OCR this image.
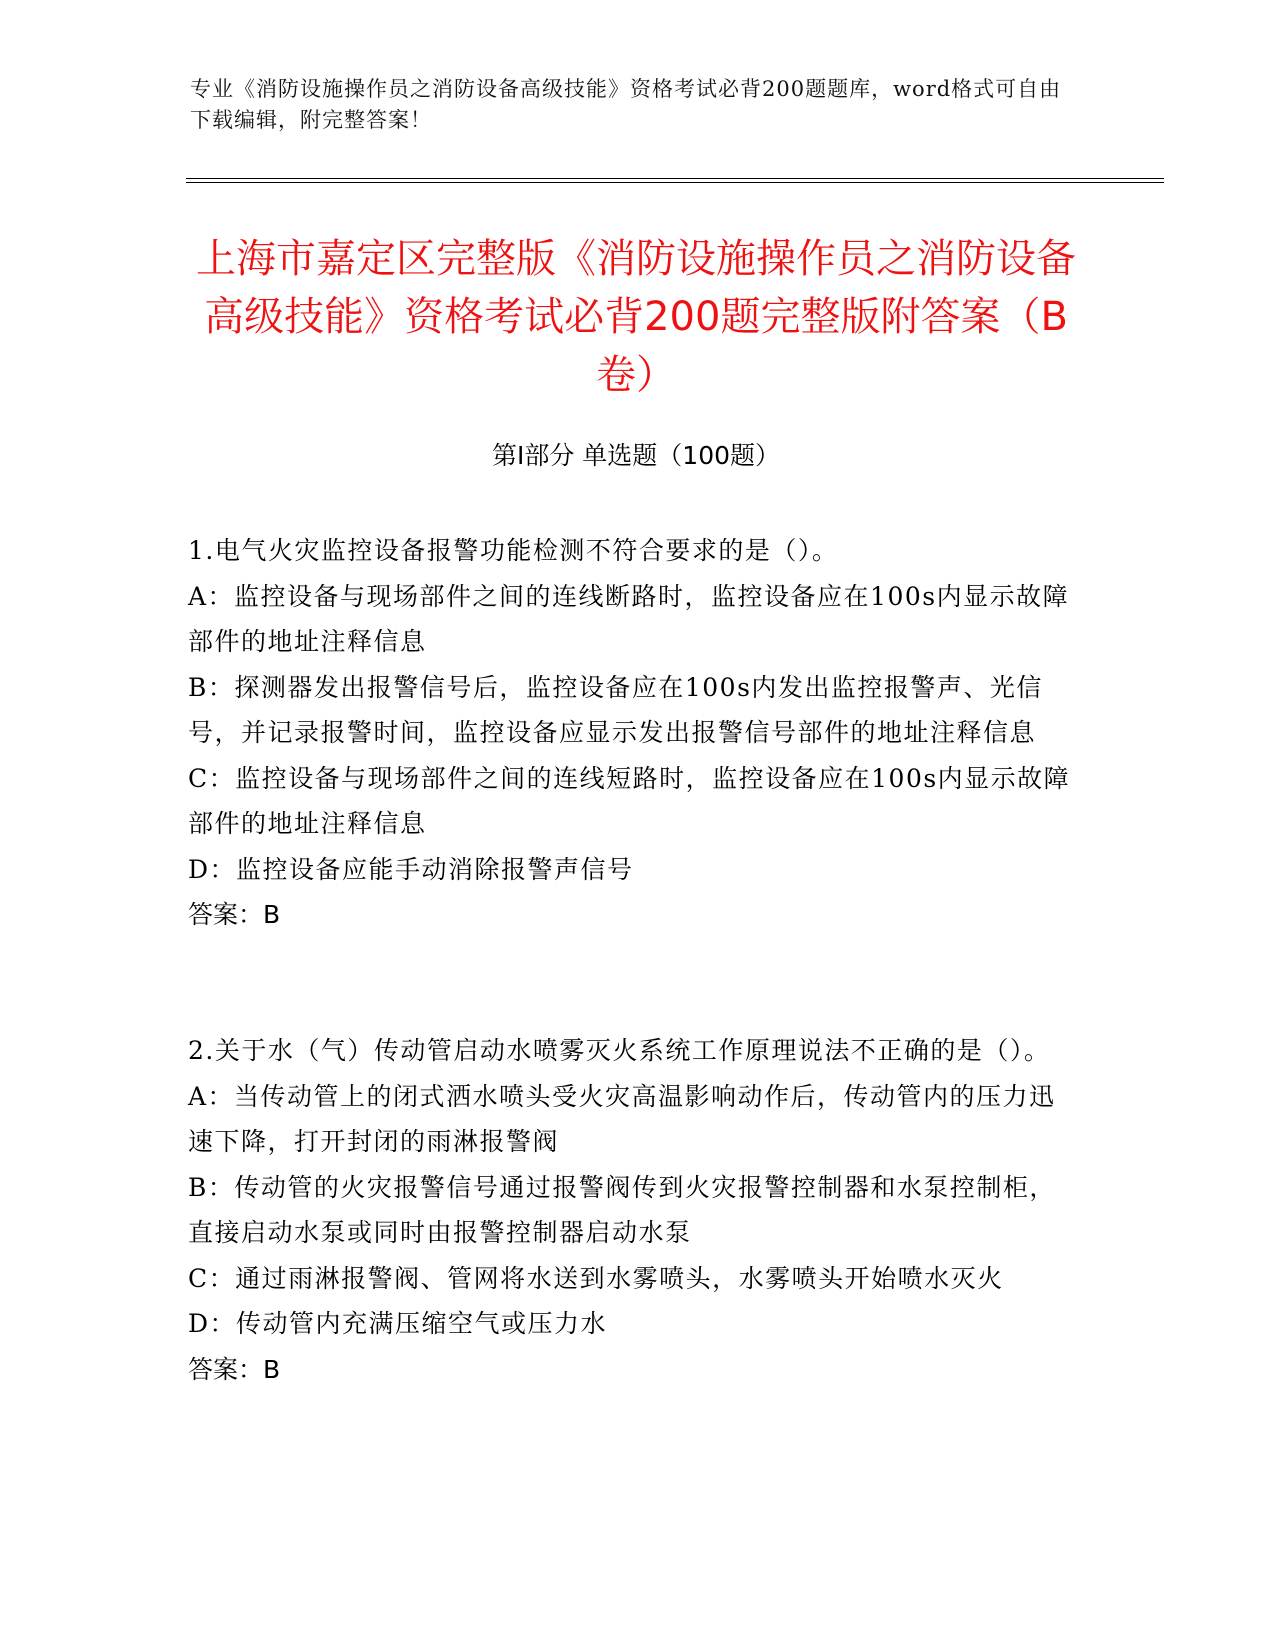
专业《消防设施操作员之消防设备高级技能》资格考试必背200题题库，word格式可自由下载编辑，附完整答案！
上海市嘉定区完整版《消防设施操作员之消防设备高级技能》资格考试必背200题完整版附答案（B卷）
第Ⅰ部分 单选题（100题）
1.电气火灾监控设备报警功能检测不符合要求的是（）。
A：监控设备与现场部件之间的连线断路时，监控设备应在100s内显示故障部件的地址注释信息
B：探测器发出报警信号后，监控设备应在100s内发出监控报警声、光信号，并记录报警时间，监控设备应显示发出报警信号部件的地址注释信息
C：监控设备与现场部件之间的连线短路时，监控设备应在100s内显示故障部件的地址注释信息
D：监控设备应能手动消除报警声信号
答案：B
2.关于水（气）传动管启动水喷雾灭火系统工作原理说法不正确的是（）。
A：当传动管上的闭式洒水喷头受火灾高温影响动作后，传动管内的压力迅速下降，打开封闭的雨淋报警阀
B：传动管的火灾报警信号通过报警阀传到火灾报警控制器和水泵控制柜，直接启动水泵或同时由报警控制器启动水泵
C：通过雨淋报警阀、管网将水送到水雾喷头，水雾喷头开始喷水灭火
D：传动管内充满压缩空气或压力水
答案：B
